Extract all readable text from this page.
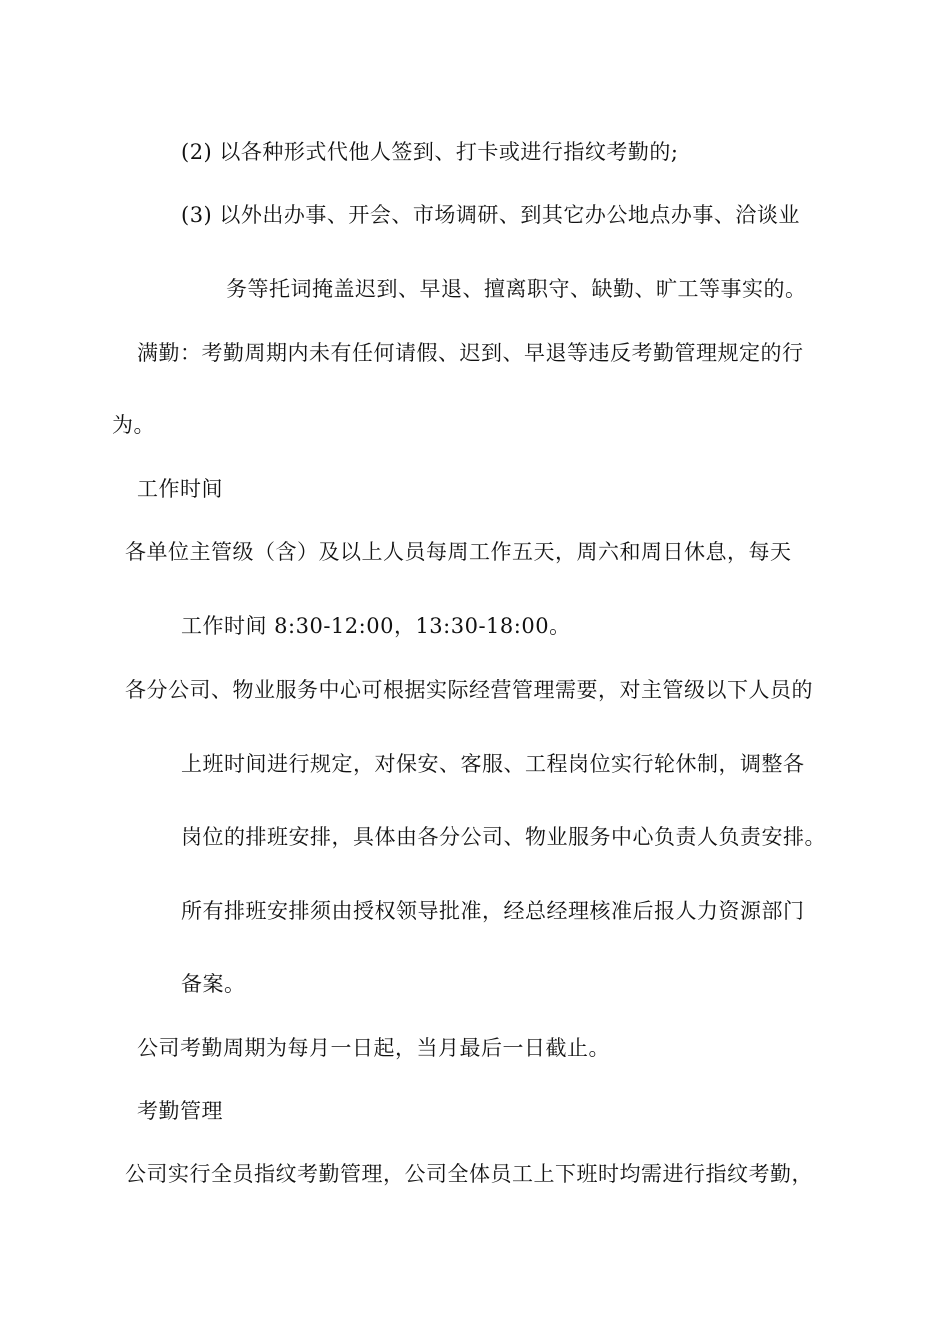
(2) 以各种形式代他人签到、打卡或进行指纹考勤的;
(3) 以外出办事、开会、市场调研、到其它办公地点办事、洽谈业
务等托词掩盖迟到、早退、擅离职守、缺勤、旷工等事实的。
满勤：考勤周期内未有任何请假、迟到、早退等违反考勤管理规定的行
为。
工作时间
各单位主管级（含）及以上人员每周工作五天，周六和周日休息，每天
工作时间 8:30-12:00，13:30-18:00。
各分公司、物业服务中心可根据实际经营管理需要，对主管级以下人员的
上班时间进行规定，对保安、客服、工程岗位实行轮休制，调整各
岗位的排班安排，具体由各分公司、物业服务中心负责人负责安排。
所有排班安排须由授权领导批准，经总经理核准后报人力资源部门
备案。
公司考勤周期为每月一日起，当月最后一日截止。
考勤管理
公司实行全员指纹考勤管理，公司全体员工上下班时均需进行指纹考勤，
